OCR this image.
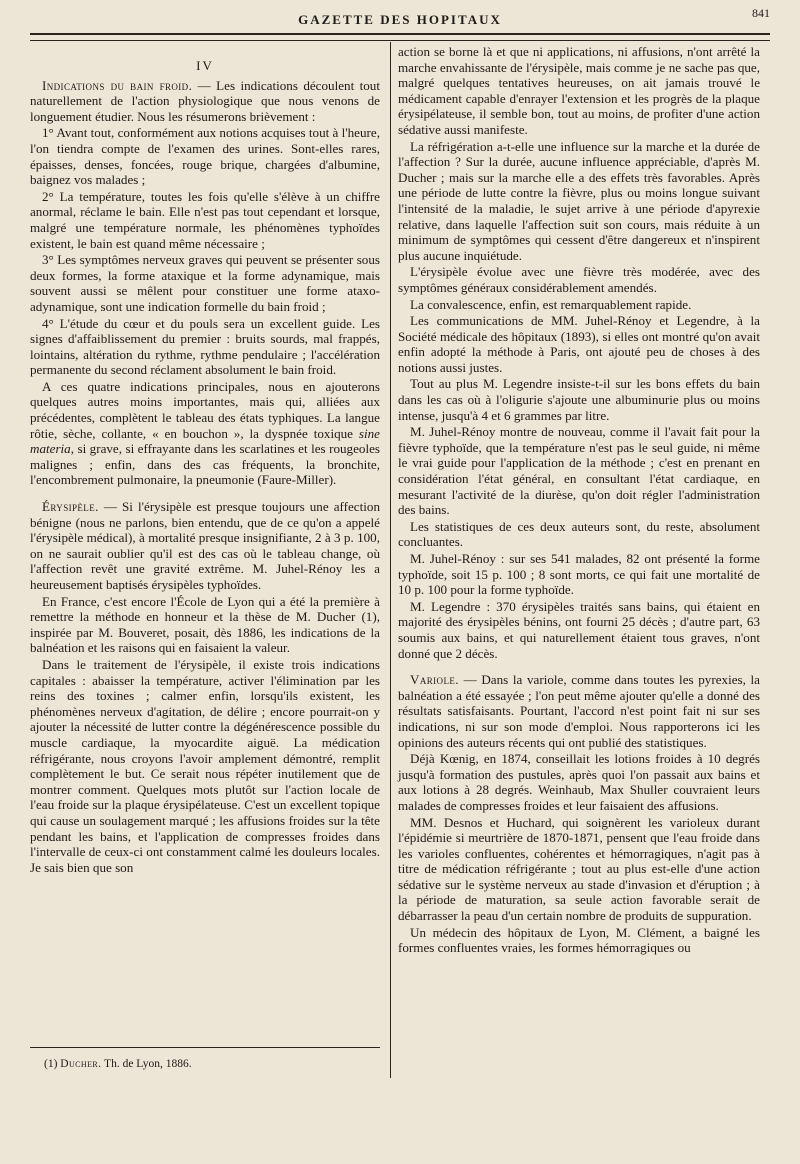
GAZETTE DES HOPITAUX	841
IV

Indications du bain froid. — Les indications découlent tout naturellement de l'action physiologique que nous venons de longuement étudier. Nous les résumerons brièvement :

1° Avant tout, conformément aux notions acquises tout à l'heure, l'on tiendra compte de l'examen des urines. Sont-elles rares, épaisses, denses, foncées, rouge brique, chargées d'albumine, baignez vos malades ;

2° La température, toutes les fois qu'elle s'élève à un chiffre anormal, réclame le bain. Elle n'est pas tout cependant et lorsque, malgré une température normale, les phénomènes typhoïdes existent, le bain est quand même nécessaire ;

3° Les symptômes nerveux graves qui peuvent se présenter sous deux formes, la forme ataxique et la forme adynamique, mais souvent aussi se mêlent pour constituer une forme ataxo-adynamique, sont une indication formelle du bain froid ;

4° L'étude du cœur et du pouls sera un excellent guide. Les signes d'affaiblissement du premier : bruits sourds, mal frappés, lointains, altération du rythme, rythme pendulaire ; l'accélération permanente du second réclament absolument le bain froid.

A ces quatre indications principales, nous en ajouterons quelques autres moins importantes, mais qui, alliées aux précédentes, complètent le tableau des états typhiques. La langue rôtie, sèche, collante, « en bouchon », la dyspnée toxique sine materia, si grave, si effrayante dans les scarlatines et les rougeoles malignes ; enfin, dans des cas fréquents, la bronchite, l'encombrement pulmonaire, la pneumonie (Faure-Miller).

Érysipèle. — Si l'érysipèle est presque toujours une affection bénigne (nous ne parlons, bien entendu, que de ce qu'on a appelé l'érysipèle médical), à mortalité presque insignifiante, 2 à 3 p. 100, on ne saurait oublier qu'il est des cas où le tableau change, où l'affection revêt une gravité extrême. M. Juhel-Rénoy les a heureusement baptisés érysipèles typhoïdes.

En France, c'est encore l'École de Lyon qui a été la première à remettre la méthode en honneur et la thèse de M. Ducher (1), inspirée par M. Bouveret, posait, dès 1886, les indications de la balnéation et les raisons qui en faisaient la valeur.

Dans le traitement de l'érysipèle, il existe trois indications capitales : abaisser la température, activer l'élimination par les reins des toxines ; calmer enfin, lorsqu'ils existent, les phénomènes nerveux d'agitation, de délire ; encore pourrait-on y ajouter la nécessité de lutter contre la dégénérescence possible du muscle cardiaque, la myocardite aiguë. La médication réfrigérante, nous croyons l'avoir amplement démontré, remplit complètement le but. Ce serait nous répéter inutilement que de montrer comment. Quelques mots plutôt sur l'action locale de l'eau froide sur la plaque érysipélateuse. C'est un excellent topique qui cause un soulagement marqué ; les affusions froides sur la tête pendant les bains, et l'application de compresses froides dans l'intervalle de ceux-ci ont constamment calmé les douleurs locales. Je sais bien que son

(1) Ducher. Th. de Lyon, 1886.

action se borne là et que ni applications, ni affusions, n'ont arrêté la marche envahissante de l'érysipèle, mais comme je ne sache pas que, malgré quelques tentatives heureuses, on ait jamais trouvé le médicament capable d'enrayer l'extension et les progrès de la plaque érysipélateuse, il semble bon, tout au moins, de profiter d'une action sédative aussi manifeste.

La réfrigération a-t-elle une influence sur la marche et la durée de l'affection ? Sur la durée, aucune influence appréciable, d'après M. Ducher ; mais sur la marche elle a des effets très favorables. Après une période de lutte contre la fièvre, plus ou moins longue suivant l'intensité de la maladie, le sujet arrive à une période d'apyrexie relative, dans laquelle l'affection suit son cours, mais réduite à un minimum de symptômes qui cessent d'être dangereux et n'inspirent plus aucune inquiétude.

L'érysipèle évolue avec une fièvre très modérée, avec des symptômes généraux considérablement amendés.

La convalescence, enfin, est remarquablement rapide.

Les communications de MM. Juhel-Rénoy et Legendre, à la Société médicale des hôpitaux (1893), si elles ont montré qu'on avait enfin adopté la méthode à Paris, ont ajouté peu de choses à des notions aussi justes.

Tout au plus M. Legendre insiste-t-il sur les bons effets du bain dans les cas où à l'oligurie s'ajoute une albuminurie plus ou moins intense, jusqu'à 4 et 6 grammes par litre.

M. Juhel-Rénoy montre de nouveau, comme il l'avait fait pour la fièvre typhoïde, que la température n'est pas le seul guide, ni même le vrai guide pour l'application de la méthode ; c'est en prenant en considération l'état général, en consultant l'état cardiaque, en mesurant l'activité de la diurèse, qu'on doit régler l'administration des bains.

Les statistiques de ces deux auteurs sont, du reste, absolument concluantes.

M. Juhel-Rénoy : sur ses 541 malades, 82 ont présenté la forme typhoïde, soit 15 p. 100 ; 8 sont morts, ce qui fait une mortalité de 10 p. 100 pour la forme typhoïde.

M. Legendre : 370 érysipèles traités sans bains, qui étaient en majorité des érysipèles bénins, ont fourni 25 décès ; d'autre part, 63 soumis aux bains, et qui naturellement étaient tous graves, n'ont donné que 2 décès.

Variole. — Dans la variole, comme dans toutes les pyrexies, la balnéation a été essayée ; l'on peut même ajouter qu'elle a donné des résultats satisfaisants. Pourtant, l'accord n'est point fait ni sur ses indications, ni sur son mode d'emploi. Nous rapporterons ici les opinions des auteurs récents qui ont publié des statistiques.

Déjà Kœnig, en 1874, conseillait les lotions froides à 10 degrés jusqu'à formation des pustules, après quoi l'on passait aux bains et aux lotions à 28 degrés. Weinhaub, Max Shuller couvraient leurs malades de compresses froides et leur faisaient des affusions.

MM. Desnos et Huchard, qui soignèrent les varioleux durant l'épidémie si meurtrière de 1870-1871, pensent que l'eau froide dans les varioles confluentes, cohérentes et hémorragiques, n'agit pas à titre de médication réfrigérante ; tout au plus est-elle d'une action sédative sur le système nerveux au stade d'invasion et d'éruption ; à la période de maturation, sa seule action favorable serait de débarrasser la peau d'un certain nombre de produits de suppuration.

Un médecin des hôpitaux de Lyon, M. Clément, a baigné les formes confluentes vraies, les formes hémorragiques ou
